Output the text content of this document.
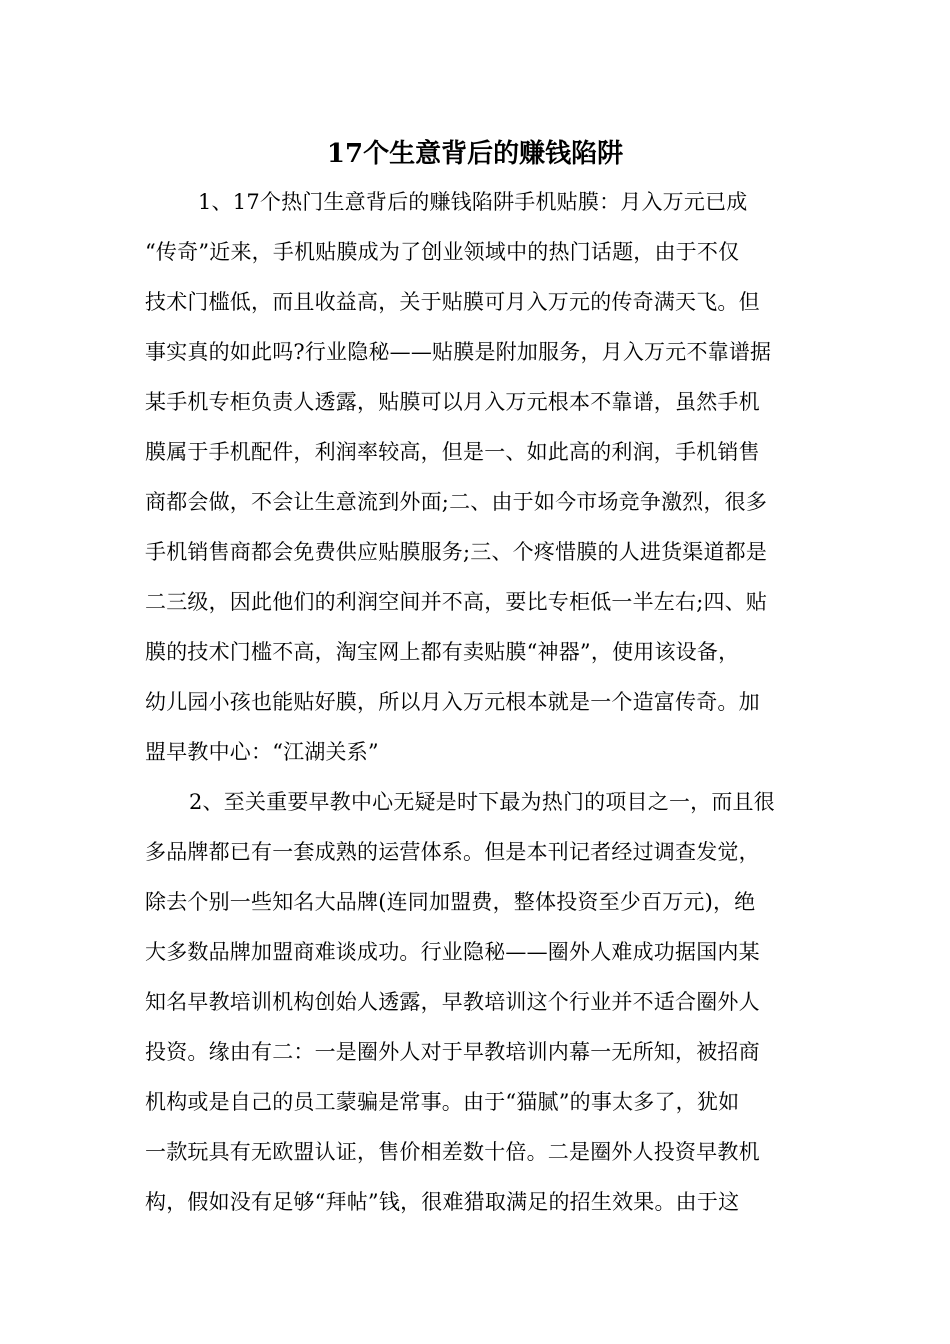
17个生意背后的赚钱陷阱
1、17个热门生意背后的赚钱陷阱手机贴膜：月入万元已成
“传奇”近来，手机贴膜成为了创业领域中的热门话题，由于不仅
技术门槛低，而且收益高，关于贴膜可月入万元的传奇满天飞。但
事实真的如此吗?行业隐秘——贴膜是附加服务，月入万元不靠谱据
某手机专柜负责人透露，贴膜可以月入万元根本不靠谱，虽然手机
膜属于手机配件，利润率较高，但是一、如此高的利润，手机销售
商都会做，不会让生意流到外面;二、由于如今市场竞争激烈，很多
手机销售商都会免费供应贴膜服务;三、个疼惜膜的人进货渠道都是
二三级，因此他们的利润空间并不高，要比专柜低一半左右;四、贴
膜的技术门槛不高，淘宝网上都有卖贴膜“神器”，使用该设备，
幼儿园小孩也能贴好膜，所以月入万元根本就是一个造富传奇。加
盟早教中心：“江湖关系”
2、至关重要早教中心无疑是时下最为热门的项目之一，而且很
多品牌都已有一套成熟的运营体系。但是本刊记者经过调查发觉，
除去个别一些知名大品牌(连同加盟费，整体投资至少百万元)，绝
大多数品牌加盟商难谈成功。行业隐秘——圈外人难成功据国内某
知名早教培训机构创始人透露，早教培训这个行业并不适合圈外人
投资。缘由有二：一是圈外人对于早教培训内幕一无所知，被招商
机构或是自己的员工蒙骗是常事。由于“猫腻”的事太多了，犹如
一款玩具有无欧盟认证，售价相差数十倍。二是圈外人投资早教机
构，假如没有足够“拜帖”钱，很难猎取满足的招生效果。由于这
